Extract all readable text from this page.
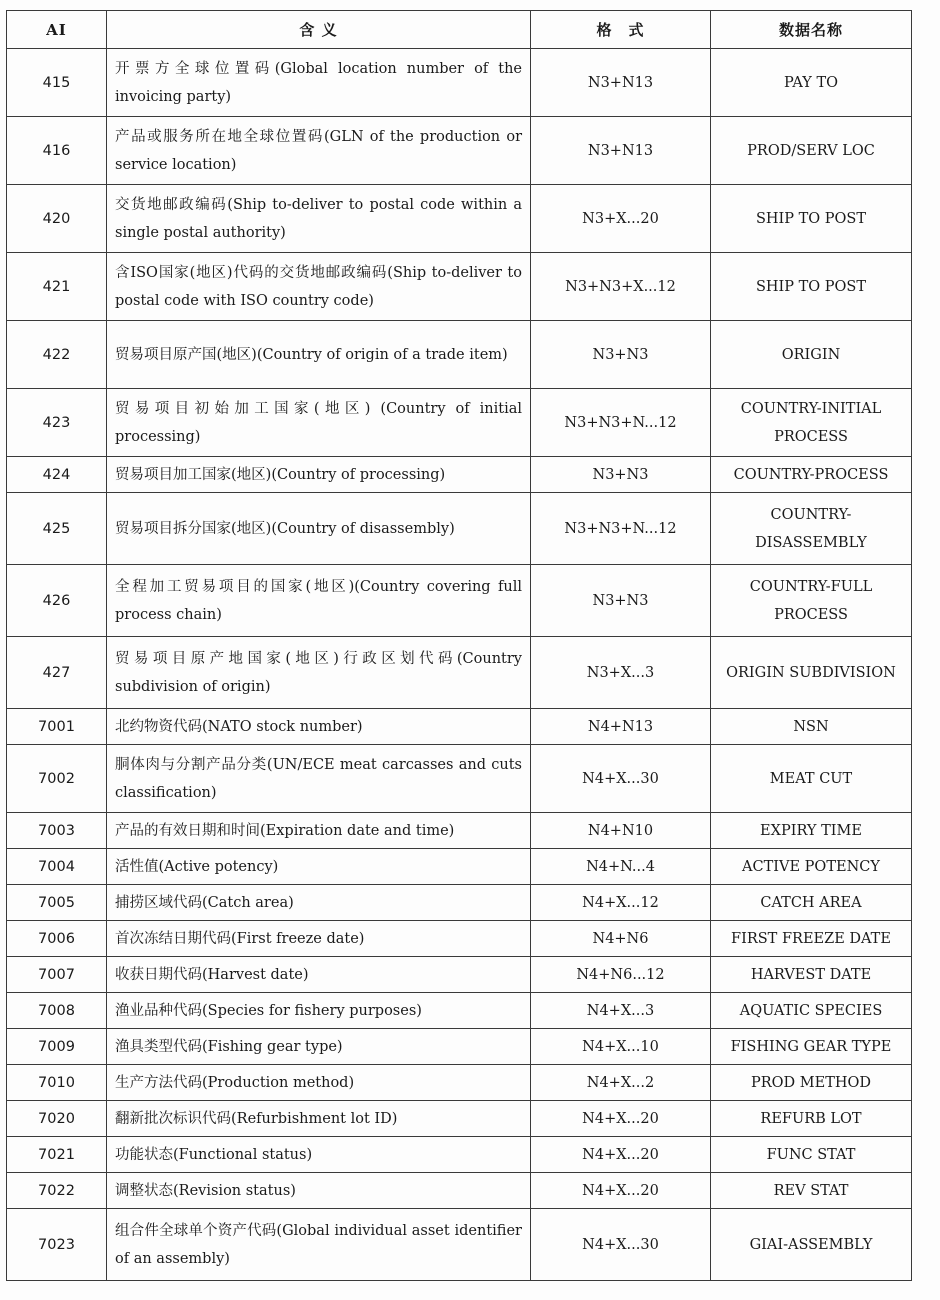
AI	含 义	格　式	数据名称
415	开票方全球位置码(Global location number of the invoicing party)	N3+N13	PAY TO
416	产品或服务所在地全球位置码(GLN of the production or service location)	N3+N13	PROD/SERV LOC
420	交货地邮政编码(Ship to-deliver to postal code within a single postal authority)	N3+X...20	SHIP TO POST
421	含ISO国家(地区)代码的交货地邮政编码(Ship to-deliver to postal code with ISO country code)	N3+N3+X...12	SHIP TO POST
422	贸易项目原产国(地区)(Country of origin of a trade item)	N3+N3	ORIGIN
423	贸易项目初始加工国家(地区) (Country of initial processing)	N3+N3+N...12	COUNTRY-INITIAL PROCESS
424	贸易项目加工国家(地区)(Country of processing)	N3+N3	COUNTRY-PROCESS
425	贸易项目拆分国家(地区)(Country of disassembly)	N3+N3+N...12	COUNTRY-DISASSEMBLY
426	全程加工贸易项目的国家(地区)(Country covering full process chain)	N3+N3	COUNTRY-FULL PROCESS
427	贸易项目原产地国家(地区)行政区划代码(Country subdivision of origin)	N3+X...3	ORIGIN SUBDIVISION
7001	北约物资代码(NATO stock number)	N4+N13	NSN
7002	胴体肉与分割产品分类(UN/ECE meat carcasses and cuts classification)	N4+X...30	MEAT CUT
7003	产品的有效日期和时间(Expiration date and time)	N4+N10	EXPIRY TIME
7004	活性值(Active potency)	N4+N...4	ACTIVE POTENCY
7005	捕捞区域代码(Catch area)	N4+X...12	CATCH AREA
7006	首次冻结日期代码(First freeze date)	N4+N6	FIRST FREEZE DATE
7007	收获日期代码(Harvest date)	N4+N6...12	HARVEST DATE
7008	渔业品种代码(Species for fishery purposes)	N4+X...3	AQUATIC SPECIES
7009	渔具类型代码(Fishing gear type)	N4+X...10	FISHING GEAR TYPE
7010	生产方法代码(Production method)	N4+X...2	PROD METHOD
7020	翻新批次标识代码(Refurbishment lot ID)	N4+X...20	REFURB LOT
7021	功能状态(Functional status)	N4+X...20	FUNC STAT
7022	调整状态(Revision status)	N4+X...20	REV STAT
7023	组合件全球单个资产代码(Global individual asset identifier of an assembly)	N4+X...30	GIAI-ASSEMBLY
